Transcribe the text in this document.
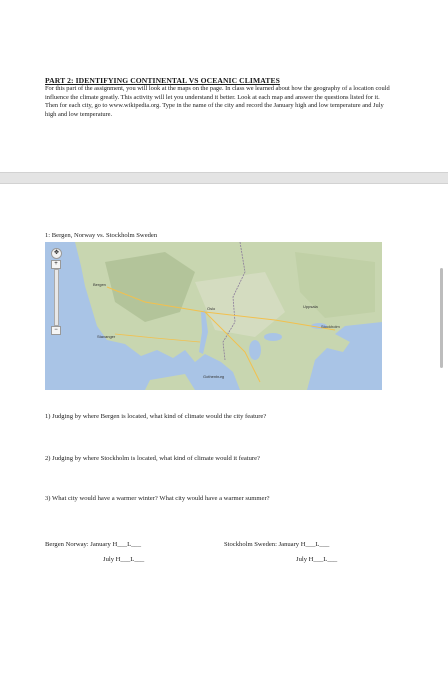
PART 2: IDENTIFYING CONTINENTAL VS OCEANIC CLIMATES
For this part of the assignment, you will look at the maps on the page. In class we learned about how the geography of a location could influence the climate greatly. This activity will let you understand it better. Look at each map and answer the questions listed for it. Then for each city, go to www.wikipedia.org. Type in the name of the city and record the January high and low temperature and July high and low temperature.
1: Bergen, Norway vs. Stockholm Sweden
✥
+
−
Bergen
Oslo
Stavanger
Uppsala
Stockholm
Gothenburg
1) Judging by where Bergen is located, what kind of climate would the city feature?
2) Judging by where Stockholm is located, what kind of climate would it feature?
3) What city would have a warmer winter? What city would have a warmer summer?
Bergen Norway: January H___L___
July H___L___
Stockholm Sweden: January H___L___
July H___L___
